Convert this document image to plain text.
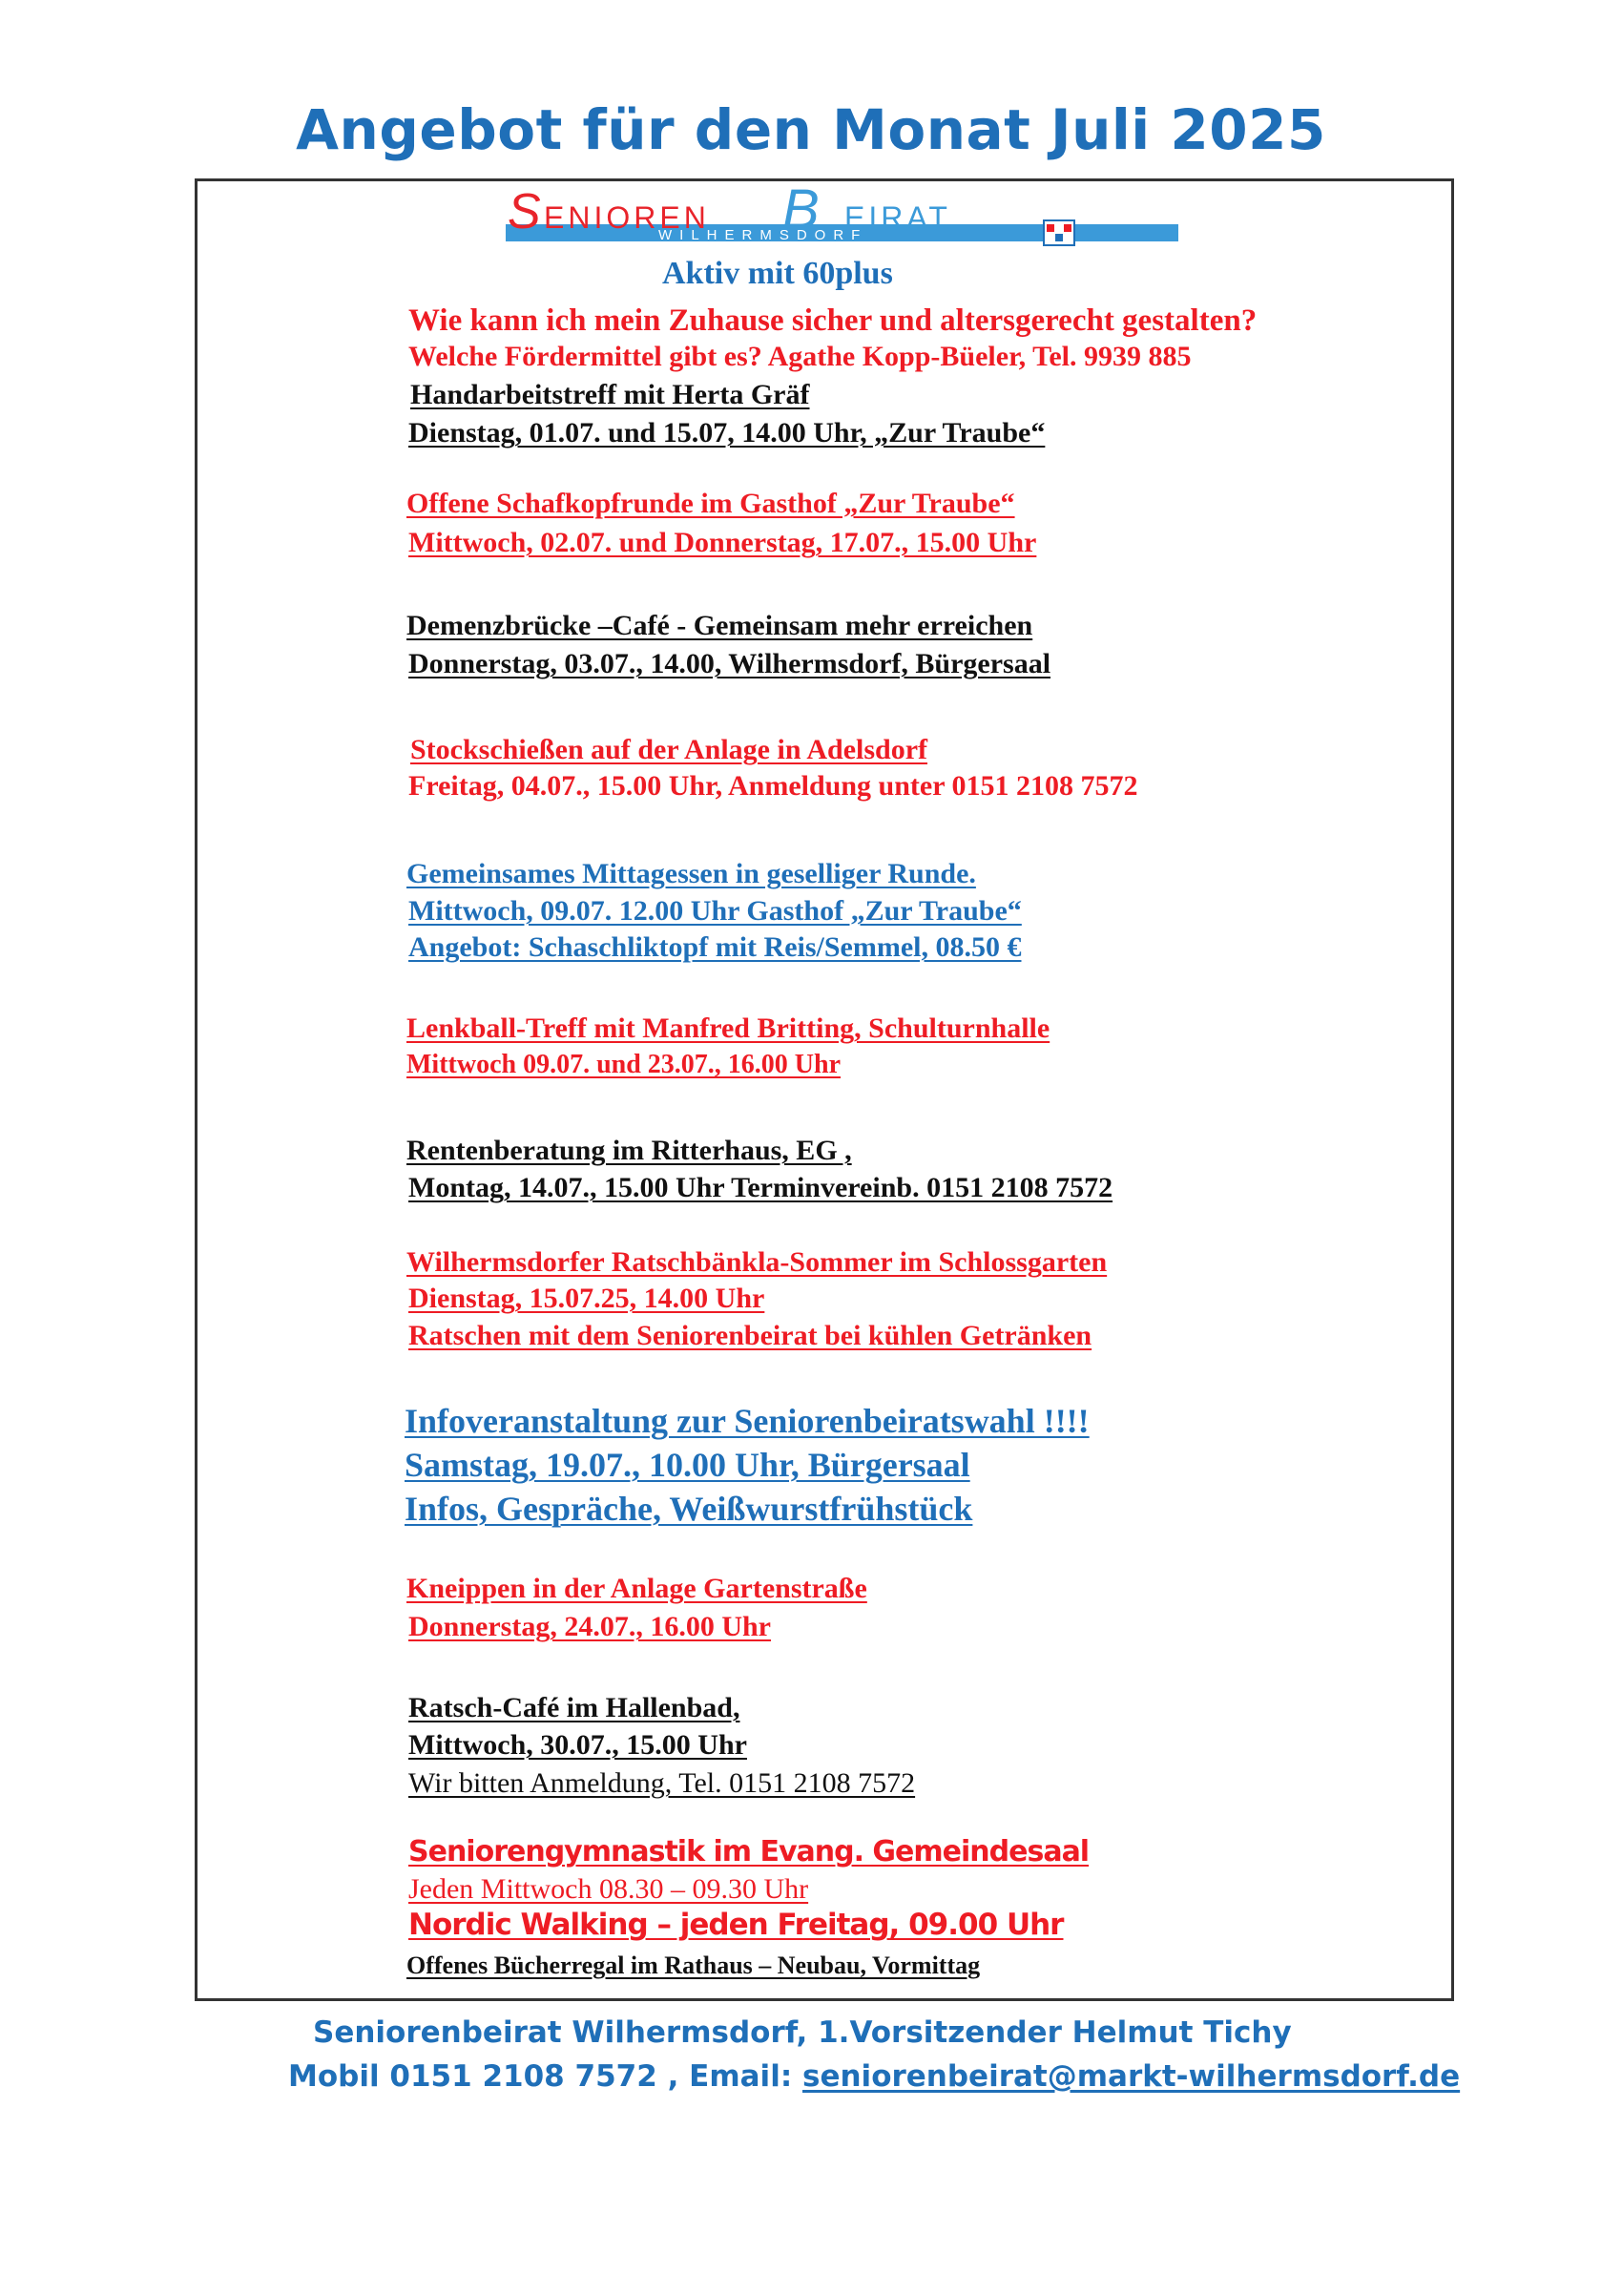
Angebot für den Monat Juli 2025
S ENIOREN B EIRAT
WILHERMSDORF
Aktiv mit 60plus
Wie kann ich mein Zuhause sicher und altersgerecht gestalten?
Welche Fördermittel gibt es? Agathe Kopp-Büeler, Tel. 9939 885
Handarbeitstreff mit Herta Gräf
Dienstag, 01.07. und 15.07, 14.00 Uhr, „Zur Traube“
Offene Schafkopfrunde im Gasthof „Zur Traube“
Mittwoch, 02.07. und Donnerstag, 17.07., 15.00 Uhr
Demenzbrücke –Café - Gemeinsam mehr erreichen
Donnerstag, 03.07., 14.00, Wilhermsdorf, Bürgersaal
Stockschießen auf der Anlage in Adelsdorf
Freitag, 04.07., 15.00 Uhr, Anmeldung unter 0151 2108 7572
Gemeinsames Mittagessen in geselliger Runde.
Mittwoch, 09.07. 12.00 Uhr Gasthof „Zur Traube“
Angebot: Schaschliktopf mit Reis/Semmel, 08.50 €
Lenkball-Treff mit Manfred Britting, Schulturnhalle
Mittwoch 09.07. und 23.07., 16.00 Uhr
Rentenberatung im Ritterhaus, EG ,
Montag, 14.07., 15.00 Uhr Terminvereinb. 0151 2108 7572
Wilhermsdorfer Ratschbänkla-Sommer im Schlossgarten
Dienstag, 15.07.25, 14.00 Uhr
Ratschen mit dem Seniorenbeirat bei kühlen Getränken
Infoveranstaltung zur Seniorenbeiratswahl !!!!
Samstag, 19.07., 10.00 Uhr, Bürgersaal
Infos, Gespräche, Weißwurstfrühstück
Kneippen in der Anlage Gartenstraße
Donnerstag, 24.07., 16.00 Uhr
Ratsch-Café im Hallenbad,
Mittwoch, 30.07., 15.00 Uhr
Wir bitten Anmeldung, Tel. 0151 2108 7572
Seniorengymnastik im Evang. Gemeindesaal
Jeden Mittwoch 08.30 – 09.30 Uhr
Nordic Walking – jeden Freitag, 09.00 Uhr
Offenes Bücherregal im Rathaus – Neubau, Vormittag
Seniorenbeirat Wilhermsdorf, 1.Vorsitzender Helmut Tichy
Mobil 0151 2108 7572 , Email: seniorenbeirat@markt-wilhermsdorf.de
